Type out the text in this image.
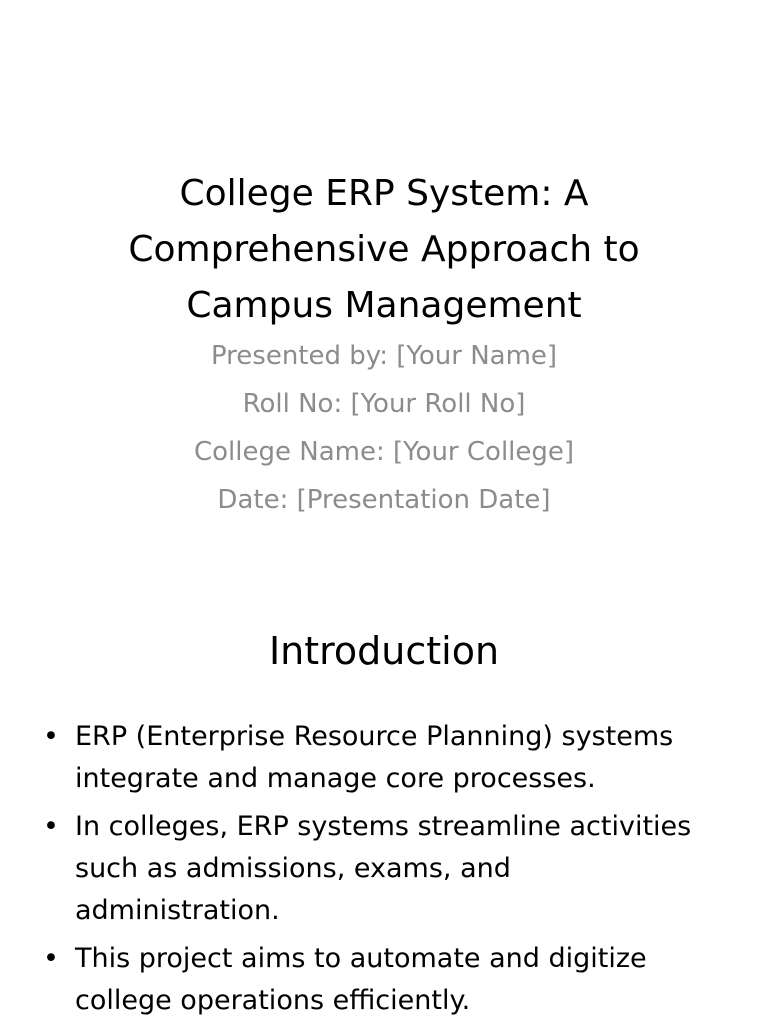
College ERP System: A
Comprehensive Approach to
Campus Management
Presented by: [Your Name]
Roll No: [Your Roll No]
College Name: [Your College]
Date: [Presentation Date]
Introduction
• ERP (Enterprise Resource Planning) systems integrate and manage core processes.
• In colleges, ERP systems streamline activities such as admissions, exams, and administration.
• This project aims to automate and digitize college operations efficiently.
